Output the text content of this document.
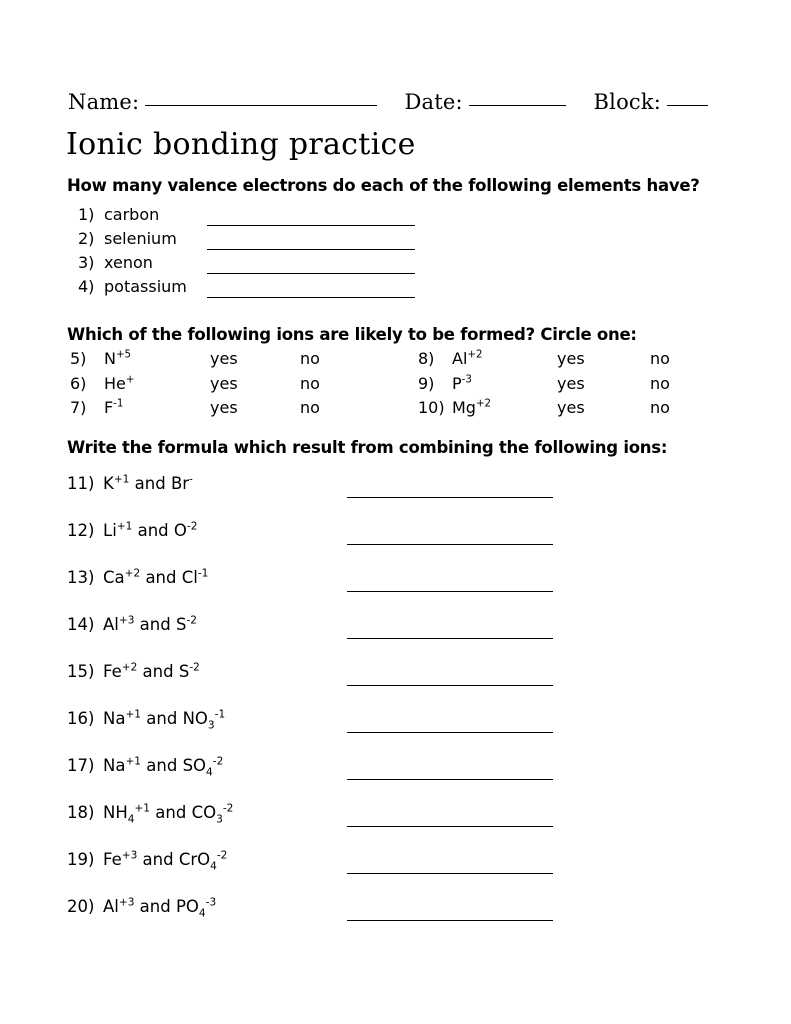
Name:	Date:	Block:
Ionic bonding practice
How many valence electrons do each of the following elements have?
1) carbon
2) selenium
3) xenon
4) potassium
Which of the following ions are likely to be formed? Circle one:
5)	$N^{+5}$	yes	no	8)	$Al^{+2}$	yes	no
6)	He+	yes	no	9)	$P^{-3}$	yes	no
7)	$F^{-1}$	yes	no	10) $Mg^{+2}$	yes	no
Write the formula which result from combining the following ions:
11) $K^{+1}$ and Br-
12) $Li^{+1}$ and $O^{-2}$
13) $Ca^{+2}$ and $Cl^{-1}$
14) $Al^{+3}$ and $S^{-2}$
15) $Fe^{+2}$ and $S^{-2}$
16) $Na^{+1}$ and $NO_3^{-1}$
17) $Na^{+1}$ and $SO_4^{-2}$
18) $NH_4^{+1}$ and $CO_3^{-2}$
19) $Fe^{+3}$ and CrO$_4^{-2}$
20) $Al^{+3}$ and $PO_4^{-3}$
